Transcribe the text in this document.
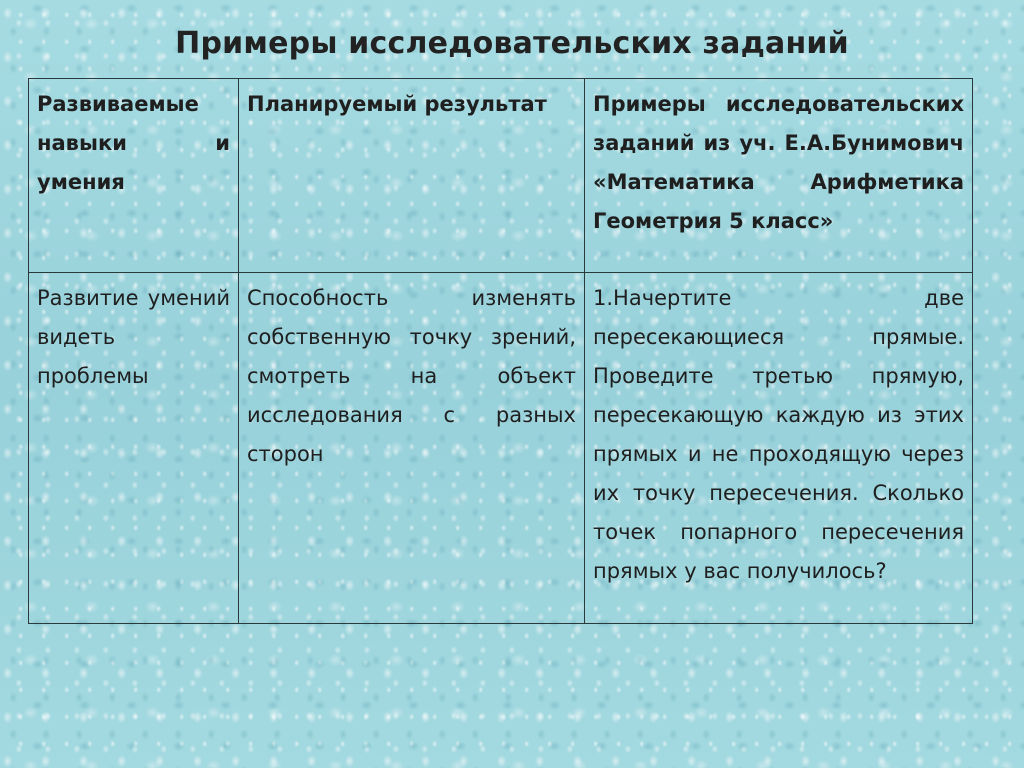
Примеры исследовательских заданий
Развиваемые навыки и умения	Планируемый результат	Примеры исследовательских заданий из уч. Е.А.Бунимович «Математика Арифметика Геометрия 5 класс»
Развитие умений видеть проблемы	Способность изменять собственную точку зрений, смотреть на объект исследования с разных сторон	1.Начертите две пересекающиеся прямые. Проведите третью прямую, пересекающую каждую из этих прямых и не проходящую через их точку пересечения. Сколько точек попарного пересечения прямых у вас получилось?
